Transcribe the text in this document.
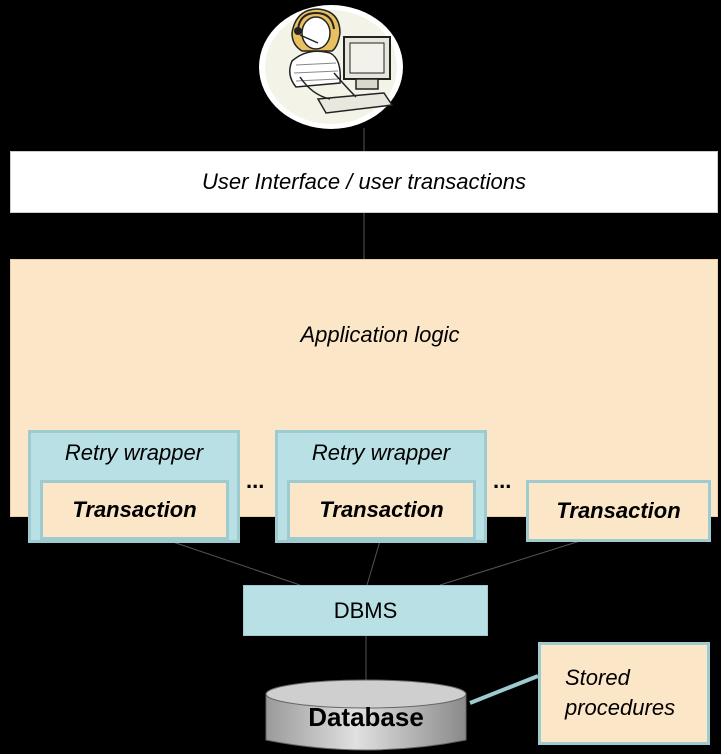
User Interface / user transactions
Application logic
Retry wrapper
Transaction
...
Retry wrapper
Transaction
...
Transaction
DBMS
Database
Stored
procedures
